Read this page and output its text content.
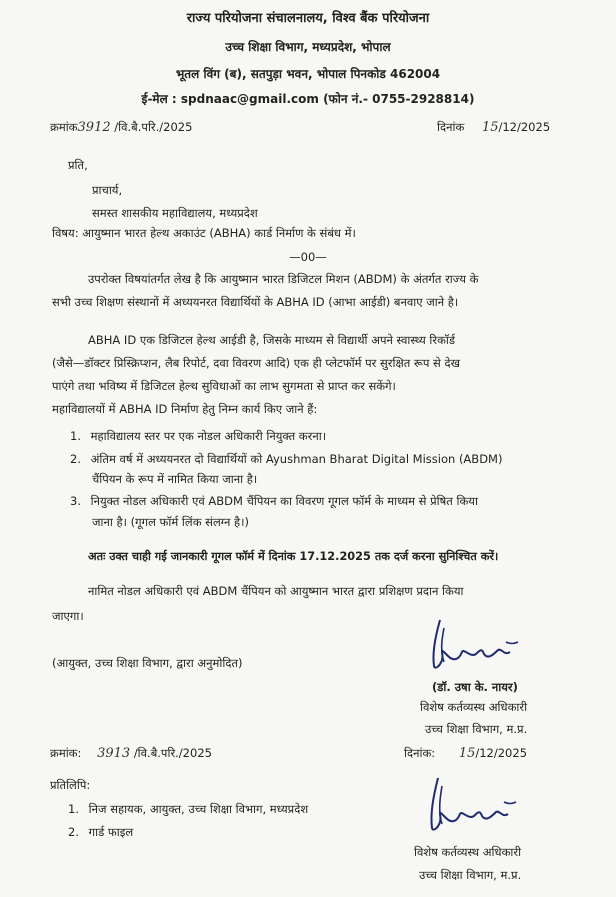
राज्य परियोजना संचालनालय, विश्व बैंक परियोजना
उच्च शिक्षा विभाग, मध्यप्रदेश, भोपाल
भूतल विंग (ब), सतपुड़ा भवन, भोपाल पिनकोड 462004
ई-मेल : spdnaac@gmail.com (फोन नं.- 0755-2928814)
क्रमांक3912 /वि.बै.परि./2025	दिनांक 15/12/2025
प्रति,
प्राचार्य,
समस्त शासकीय महाविद्यालय, मध्यप्रदेश
विषय: आयुष्मान भारत हेल्थ अकाउंट (ABHA) कार्ड निर्माण के संबंध में।
—00—
उपरोक्त विषयांतर्गत लेख है कि आयुष्मान भारत डिजिटल मिशन (ABDM) के अंतर्गत राज्य के
सभी उच्च शिक्षण संस्थानों में अध्ययनरत विद्यार्थियों के ABHA ID (आभा आईडी) बनवाए जाने है।
ABHA ID एक डिजिटल हेल्थ आईडी है, जिसके माध्यम से विद्यार्थी अपने स्वास्थ्य रिकॉर्ड
(जैसे—डॉक्टर प्रिस्क्रिप्शन, लैब रिपोर्ट, दवा विवरण आदि) एक ही प्लेटफॉर्म पर सुरक्षित रूप से देख
पाएंगे तथा भविष्य में डिजिटल हेल्थ सुविधाओं का लाभ सुगमता से प्राप्त कर सकेंगे।
महाविद्यालयों में ABHA ID निर्माण हेतु निम्न कार्य किए जाने हैं:
1. महाविद्यालय स्तर पर एक नोडल अधिकारी नियुक्त करना।
2. अंतिम वर्ष में अध्ययनरत दो विद्यार्थियों को Ayushman Bharat Digital Mission (ABDM)
चैंपियन के रूप में नामित किया जाना है।
3. नियुक्त नोडल अधिकारी एवं ABDM चैंपियन का विवरण गूगल फॉर्म के माध्यम से प्रेषित किया
जाना है। (गूगल फॉर्म लिंक संलग्न है।)
अतः उक्त चाही गई जानकारी गूगल फॉर्म में दिनांक 17.12.2025 तक दर्ज करना सुनिश्चित करें।
नामित नोडल अधिकारी एवं ABDM चैंपियन को आयुष्मान भारत द्वारा प्रशिक्षण प्रदान किया
जाएगा।
(आयुक्त, उच्च शिक्षा विभाग, द्वारा अनुमोदित)
(डॉ. उषा के. नायर)
विशेष कर्तव्यस्थ अधिकारी
उच्च शिक्षा विभाग, म.प्र.
क्रमांक: 3913 /वि.बै.परि./2025	दिनांक: 15/12/2025
प्रतिलिपि:
1. निज सहायक, आयुक्त, उच्च शिक्षा विभाग, मध्यप्रदेश
2. गार्ड फाइल
विशेष कर्तव्यस्थ अधिकारी
उच्च शिक्षा विभाग, म.प्र.
